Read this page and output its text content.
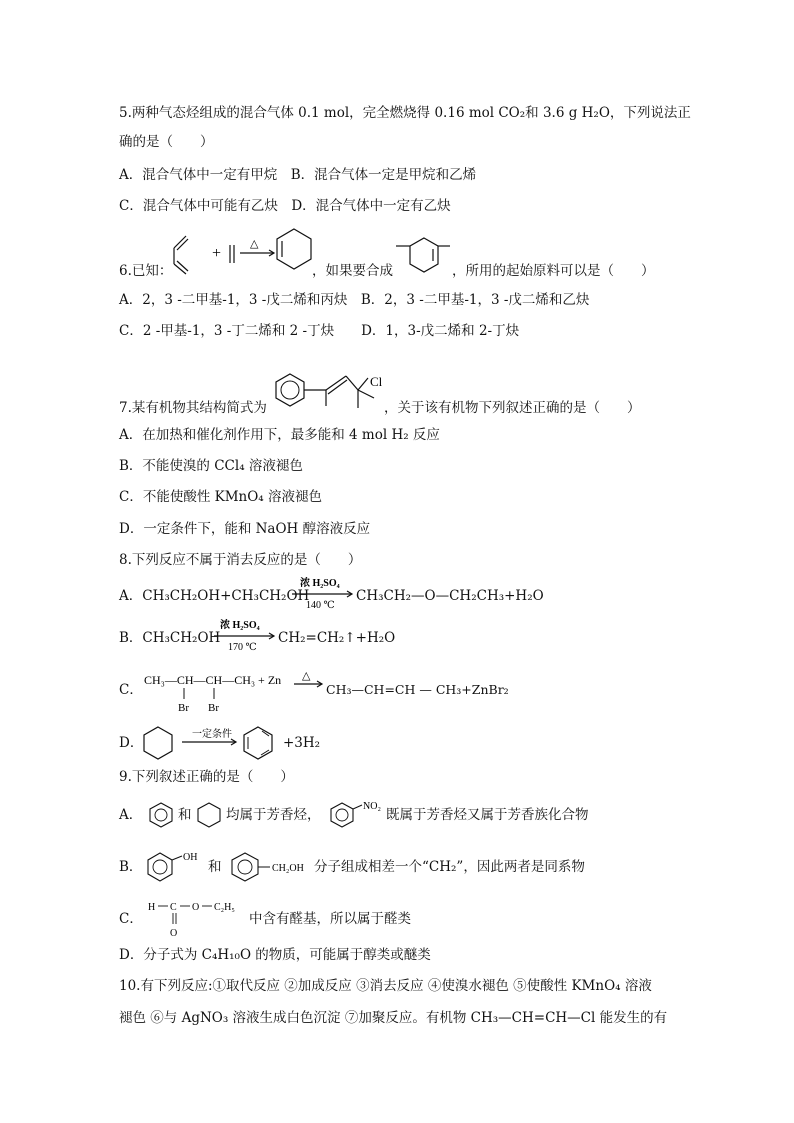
5.两种气态烃组成的混合气体 0.1 mol，完全燃烧得 0.16 mol CO₂和 3.6 g H₂O，下列说法正
确的是（　　）
A．混合气体中一定有甲烷　B．混合气体一定是甲烷和乙烯
C．混合气体中可能有乙炔　D．混合气体中一定有乙炔
+
△
6.已知：	，如果要合成	，所用的起始原料可以是（　　）
A．2，3 -二甲基-1，3 -戊二烯和丙炔　B．2，3 -二甲基-1，3 -戊二烯和乙炔
C．2 -甲基-1，3 -丁二烯和 2 -丁炔　　D．1，3-戊二烯和 2-丁炔
Cl
7.某有机物其结构简式为	，关于该有机物下列叙述正确的是（　　）
A．在加热和催化剂作用下，最多能和 4 mol H₂ 反应
B．不能使溴的 CCl₄ 溶液褪色
C．不能使酸性 KMnO₄ 溶液褪色
D．一定条件下，能和 NaOH 醇溶液反应
8.下列反应不属于消去反应的是（　　）
A．CH₃CH₂OH+CH₃CH₂OH
浓 H₂SO₄
140 ℃
CH₃CH₂—O—CH₂CH₃+H₂O
B．CH₃CH₂OH
浓 H₂SO₄
170 ℃
CH₂=CH₂↑+H₂O
C．
CH₃—CH—CH—CH₃ + Zn
Br Br
△
CH₃—CH=CH — CH₃+ZnBr₂
D．
一定条件
+3H₂
9.下列叙述正确的是（　　）
A．	和	均属于芳香烃，
NO₂
既属于芳香烃又属于芳香族化合物
B．
OH
和	CH₂OH 分子组成相差一个“CH₂”，因此两者是同系物
C．
H C O C₂H₅
O
中含有醛基，所以属于醛类
D．分子式为 C₄H₁₀O 的物质，可能属于醇类或醚类
10.有下列反应:①取代反应 ②加成反应 ③消去反应 ④使溴水褪色 ⑤使酸性 KMnO₄ 溶液
褪色 ⑥与 AgNO₃ 溶液生成白色沉淀 ⑦加聚反应。有机物 CH₃—CH=CH—Cl 能发生的有
